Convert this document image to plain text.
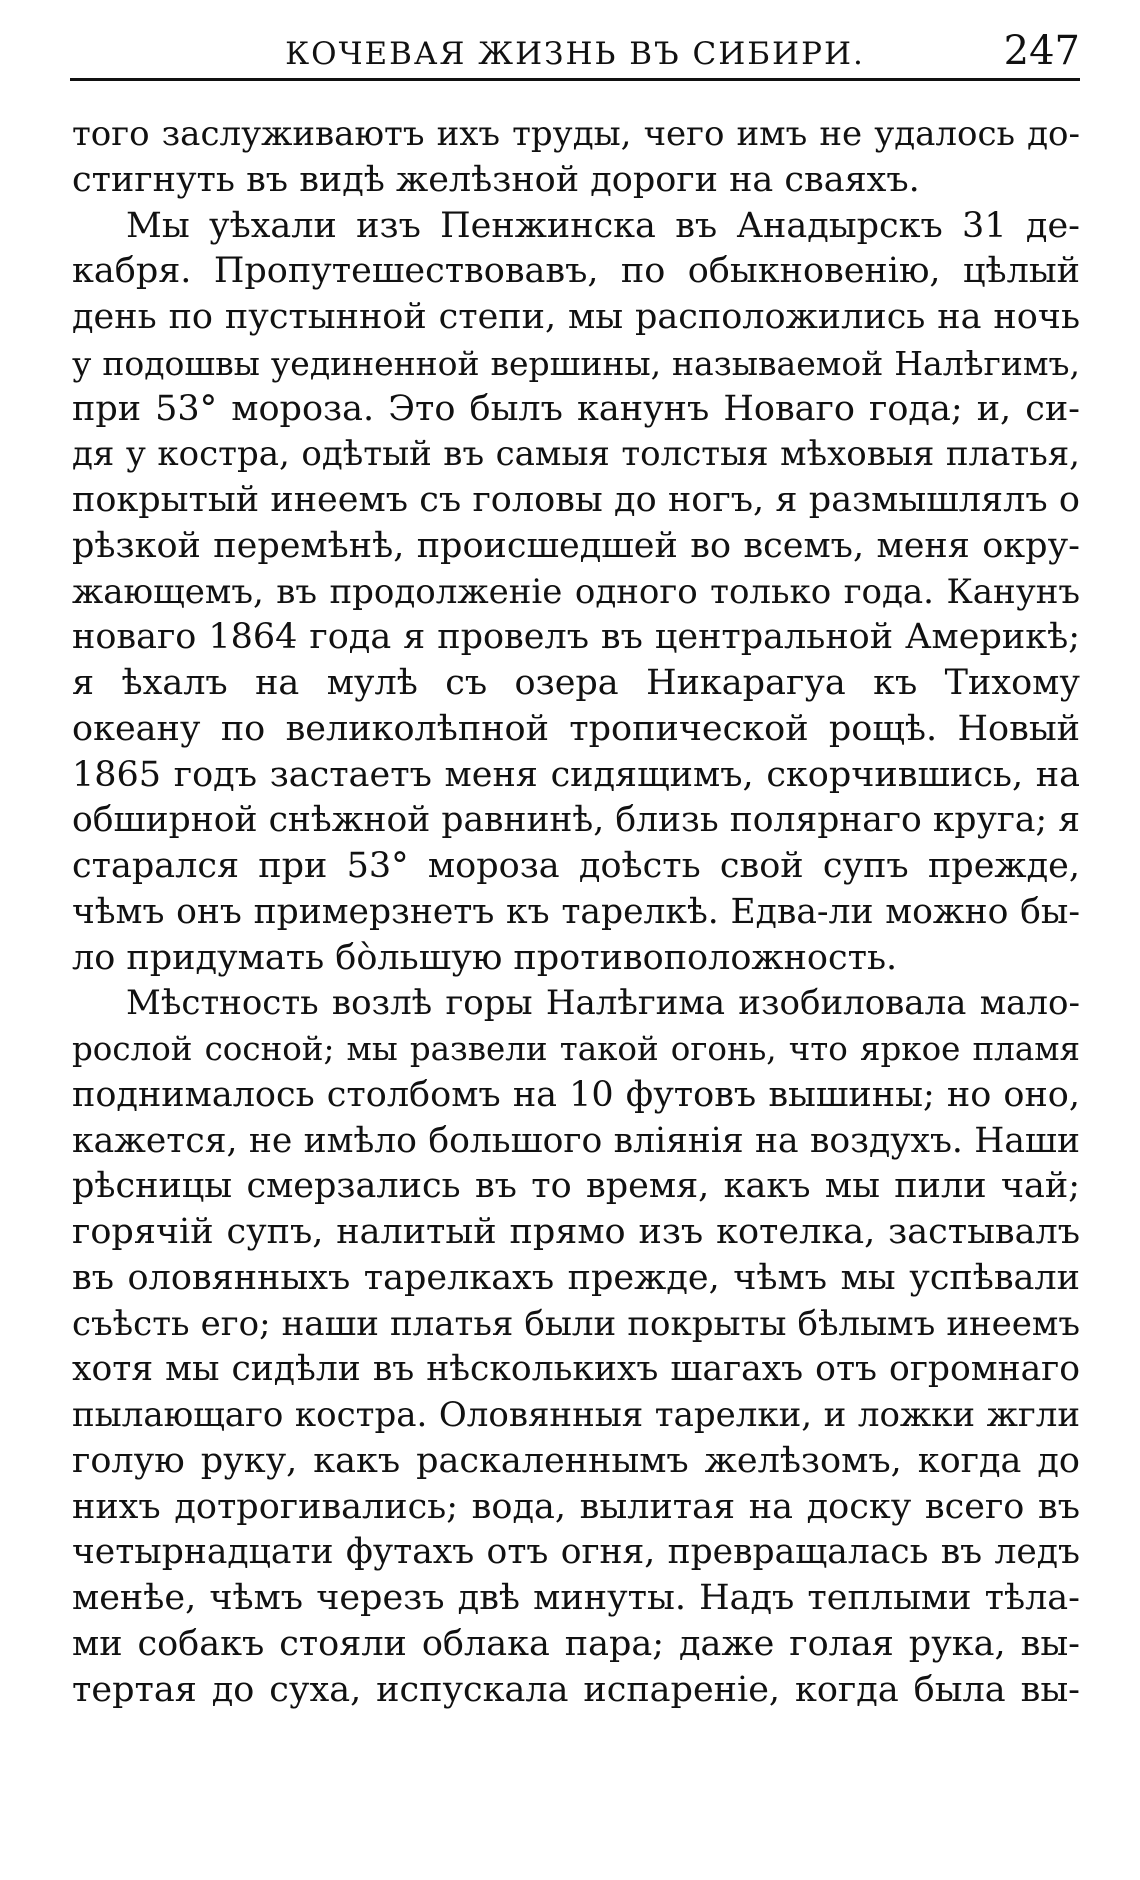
КОЧЕВАЯ ЖИЗНЬ ВЪ СИБИРИ.	247
того заслуживаютъ ихъ труды, чего имъ не удалось до-
стигнуть въ видѣ желѣзной дороги на сваяхъ.
Мы уѣхали изъ Пенжинска въ Анадырскъ 31 де-
кабря. Пропутешествовавъ, по обыкновенію, цѣлый
день по пустынной степи, мы расположились на ночь
у подошвы уединенной вершины, называемой Налѣгимъ,
при 53° мороза. Это былъ канунъ Новаго года; и, си-
дя у костра, одѣтый въ самыя толстыя мѣховыя платья,
покрытый инеемъ съ головы до ногъ, я размышлялъ о
рѣзкой перемѣнѣ, происшедшей во всемъ, меня окру-
жающемъ, въ продолженіе одного только года. Канунъ
новаго 1864 года я провелъ въ центральной Америкѣ;
я ѣхалъ на мулѣ съ озера Никарагуа къ Тихому
океану по великолѣпной тропической рощѣ. Новый
1865 годъ застаетъ меня сидящимъ, скорчившись, на
обширной снѣжной равнинѣ, близь полярнаго круга; я
старался при 53° мороза доѣсть свой супъ прежде,
чѣмъ онъ примерзнетъ къ тарелкѣ. Едва-ли можно бы-
ло придумать бо̀льшую противоположность.
Мѣстность возлѣ горы Налѣгима изобиловала мало-
рослой сосной; мы развели такой огонь, что яркое пламя
поднималось столбомъ на 10 футовъ вышины; но оно,
кажется, не имѣло большого вліянія на воздухъ. Наши
рѣсницы смерзались въ то время, какъ мы пили чай;
горячій супъ, налитый прямо изъ котелка, застывалъ
въ оловянныхъ тарелкахъ прежде, чѣмъ мы успѣвали
съѣсть его; наши платья были покрыты бѣлымъ инеемъ
хотя мы сидѣли въ нѣсколькихъ шагахъ отъ огромнаго
пылающаго костра. Оловянныя тарелки, и ложки жгли
голую руку, какъ раскаленнымъ желѣзомъ, когда до
нихъ дотрогивались; вода, вылитая на доску всего въ
четырнадцати футахъ отъ огня, превращалась въ ледъ
менѣе, чѣмъ черезъ двѣ минуты. Надъ теплыми тѣла-
ми собакъ стояли облака пара; даже голая рука, вы-
тертая до суха, испускала испареніе, когда была вы-
